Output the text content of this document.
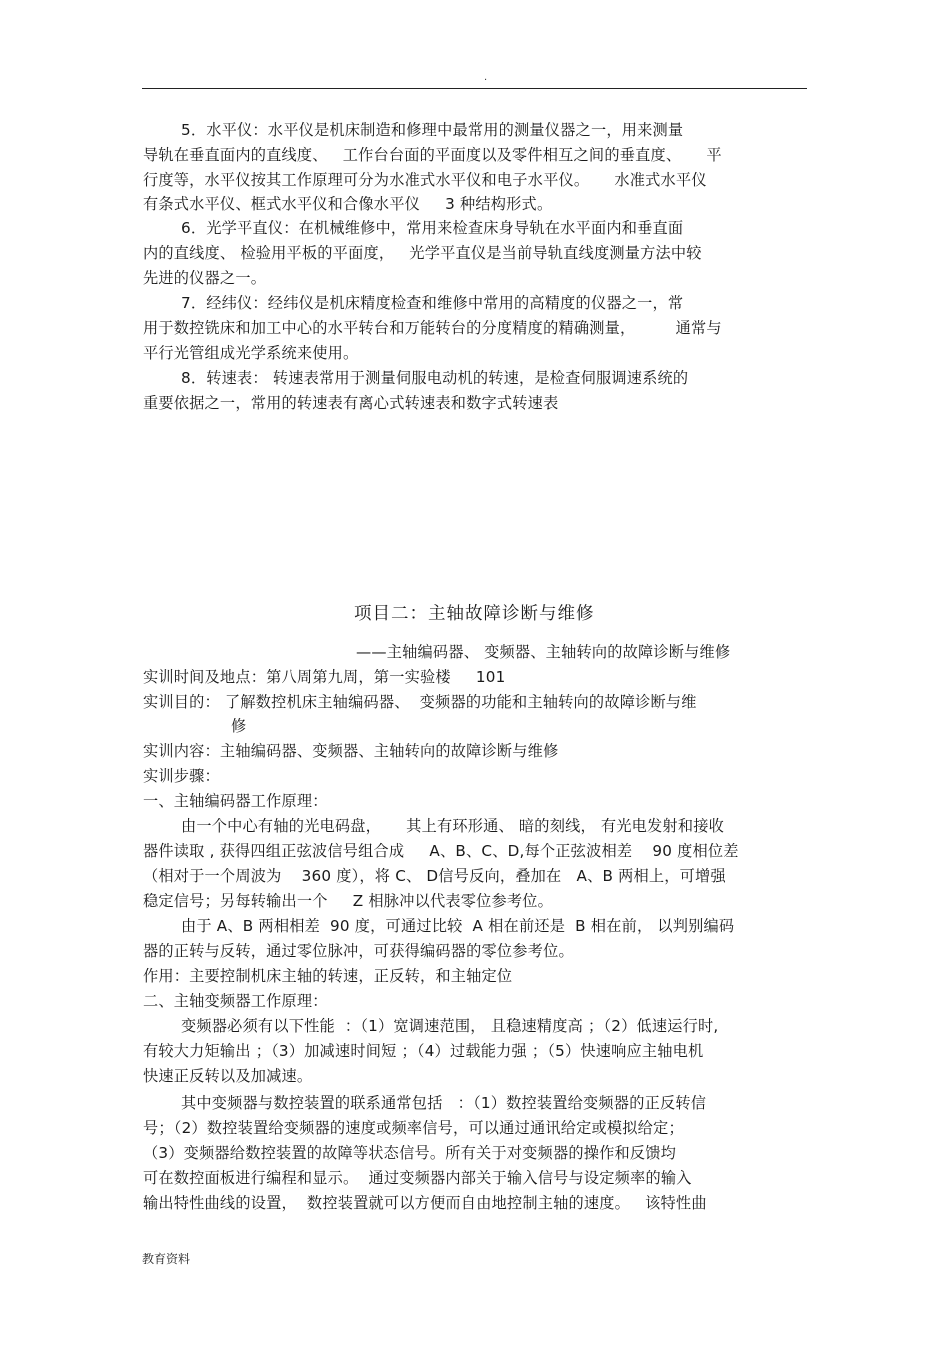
.
5．水平仪：水平仪是机床制造和修理中最常用的测量仪器之一，用来测量
导轨在垂直面内的直线度、   工作台台面的平面度以及零件相互之间的垂直度、     平
行度等，水平仪按其工作原理可分为水准式水平仪和电子水平仪。     水准式水平仪
有条式水平仪、框式水平仪和合像水平仪     3 种结构形式。
6．光学平直仪：在机械维修中，常用来检查床身导轨在水平面内和垂直面
内的直线度、 检验用平板的平面度，   光学平直仪是当前导轨直线度测量方法中较
先进的仪器之一。
7．经纬仪：经纬仪是机床精度检查和维修中常用的高精度的仪器之一，常
用于数控铣床和加工中心的水平转台和万能转台的分度精度的精确测量，        通常与
平行光管组成光学系统来使用。
8．转速表： 转速表常用于测量伺服电动机的转速，是检查伺服调速系统的
重要依据之一，常用的转速表有离心式转速表和数字式转速表
项目二：主轴故障诊断与维修
——主轴编码器、 变频器、主轴转向的故障诊断与维修
实训时间及地点：第八周第九周，第一实验楼     101
实训目的： 了解数控机床主轴编码器、  变频器的功能和主轴转向的故障诊断与维
修
实训内容：主轴编码器、变频器、主轴转向的故障诊断与维修
实训步骤：
一、主轴编码器工作原理：
由一个中心有轴的光电码盘，     其上有环形通、 暗的刻线， 有光电发射和接收
器件读取 , 获得四组正弦波信号组合成     A、B、C、D,每个正弦波相差    90 度相位差
（相对于一个周波为    360 度），将 C、 D信号反向，叠加在   A、B 两相上，可增强
稳定信号；另每转输出一个     Z 相脉冲以代表零位参考位。
由于 A、B 两相相差  90 度，可通过比较  A 相在前还是  B 相在前， 以判别编码
器的正转与反转，通过零位脉冲，可获得编码器的零位参考位。
作用：主要控制机床主轴的转速，正反转，和主轴定位
二、主轴变频器工作原理：
变频器必须有以下性能  ：（1）宽调速范围， 且稳速精度高 ；（2）低速运行时,
有较大力矩输出 ；（3）加减速时间短 ；（4）过载能力强 ；（5）快速响应主轴电机
快速正反转以及加减速。
其中变频器与数控装置的联系通常包括   ：（1）数控装置给变频器的正反转信
号；（2）数控装置给变频器的速度或频率信号，可以通过通讯给定或模拟给定；
（3）变频器给数控装置的故障等状态信号。所有关于对变频器的操作和反馈均
可在数控面板进行编程和显示。  通过变频器内部关于输入信号与设定频率的输入
输出特性曲线的设置，  数控装置就可以方便而自由地控制主轴的速度。   该特性曲
教育资料
